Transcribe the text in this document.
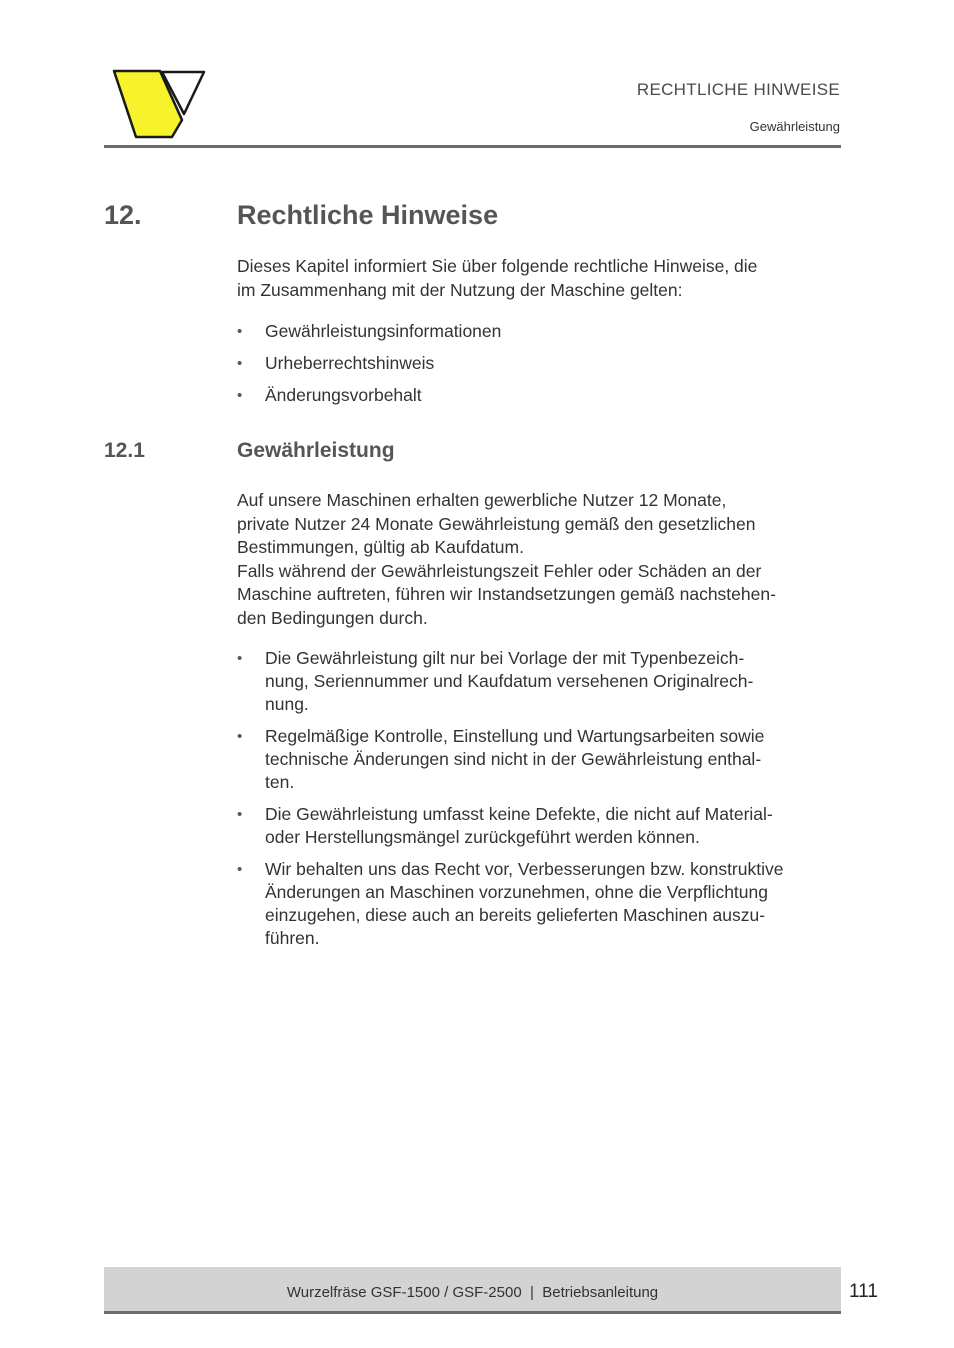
RECHTLICHE HINWEISE
Gewährleistung
12.	Rechtliche Hinweise

Dieses Kapitel informiert Sie über folgende rechtliche Hinweise, die
im Zusammenhang mit der Nutzung der Maschine gelten:

• Gewährleistungsinformationen
• Urheberrechtshinweis
• Änderungsvorbehalt
12.1	Gewährleistung

Auf unsere Maschinen erhalten gewerbliche Nutzer 12 Monate,
private Nutzer 24 Monate Gewährleistung gemäß den gesetzlichen
Bestimmungen, gültig ab Kaufdatum.
Falls während der Gewährleistungszeit Fehler oder Schäden an der
Maschine auftreten, führen wir Instandsetzungen gemäß nachstehen-
den Bedingungen durch.

• Die Gewährleistung gilt nur bei Vorlage der mit Typenbezeich-
nung, Seriennummer und Kaufdatum versehenen Originalrech-
nung.
• Regelmäßige Kontrolle, Einstellung und Wartungsarbeiten sowie
technische Änderungen sind nicht in der Gewährleistung enthal-
ten.
• Die Gewährleistung umfasst keine Defekte, die nicht auf Material-
oder Herstellungsmängel zurückgeführt werden können.
• Wir behalten uns das Recht vor, Verbesserungen bzw. konstruktive
Änderungen an Maschinen vorzunehmen, ohne die Verpflichtung
einzugehen, diese auch an bereits gelieferten Maschinen auszu-
führen.
Wurzelfräse GSF-1500 / GSF-2500  |  Betriebsanleitung	111
